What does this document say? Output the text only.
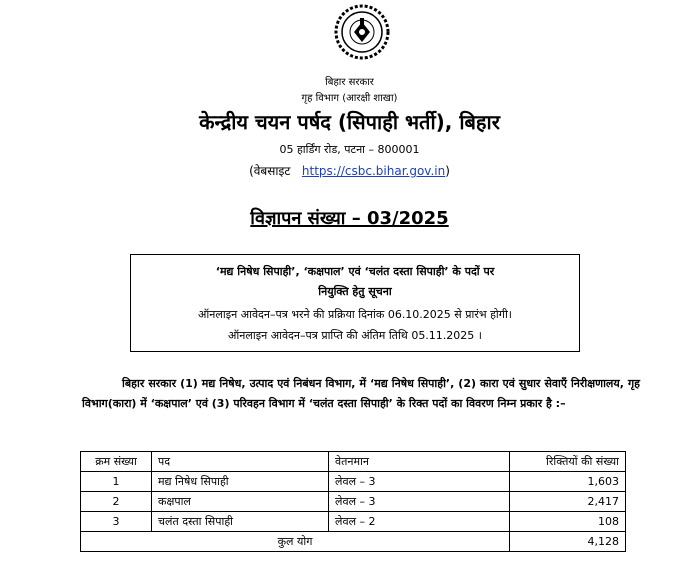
बिहार सरकार
गृह विभाग (आरक्षी शाखा)
केन्द्रीय चयन पर्षद (सिपाही भर्ती), बिहार
05 हार्डिंग रोड, पटना – 800001
(वेबसाइट https://csbc.bihar.gov.in)
विज्ञापन संख्या – 03/2025
‘मद्य निषेध सिपाही’, ‘कक्षपाल’ एवं ‘चलंत दस्ता सिपाही’ के पदों पर
नियुक्ति हेतु सूचना
ऑनलाइन आवेदन–पत्र भरने की प्रक्रिया दिनांक 06.10.2025 से प्रारंभ होगी।
ऑनलाइन आवेदन–पत्र प्राप्ति की अंतिम तिथि 05.11.2025 ।
बिहार सरकार (1) मद्य निषेध, उत्पाद एवं निबंधन विभाग, में ‘मद्य निषेध सिपाही’, (2) कारा एवं सुधार सेवाएँ निरीक्षणालय, गृह विभाग(कारा) में ‘कक्षपाल’ एवं (3) परिवहन विभाग में ‘चलंत दस्ता सिपाही’ के रिक्त पदों का विवरण निम्न प्रकार है :–
क्रम संख्या	पद	वेतनमान	रिक्तियों की संख्या
1	मद्य निषेध सिपाही	लेवल – 3	1,603
2	कक्षपाल	लेवल – 3	2,417
3	चलंत दस्ता सिपाही	लेवल – 2	108
कुल योग			4,128
